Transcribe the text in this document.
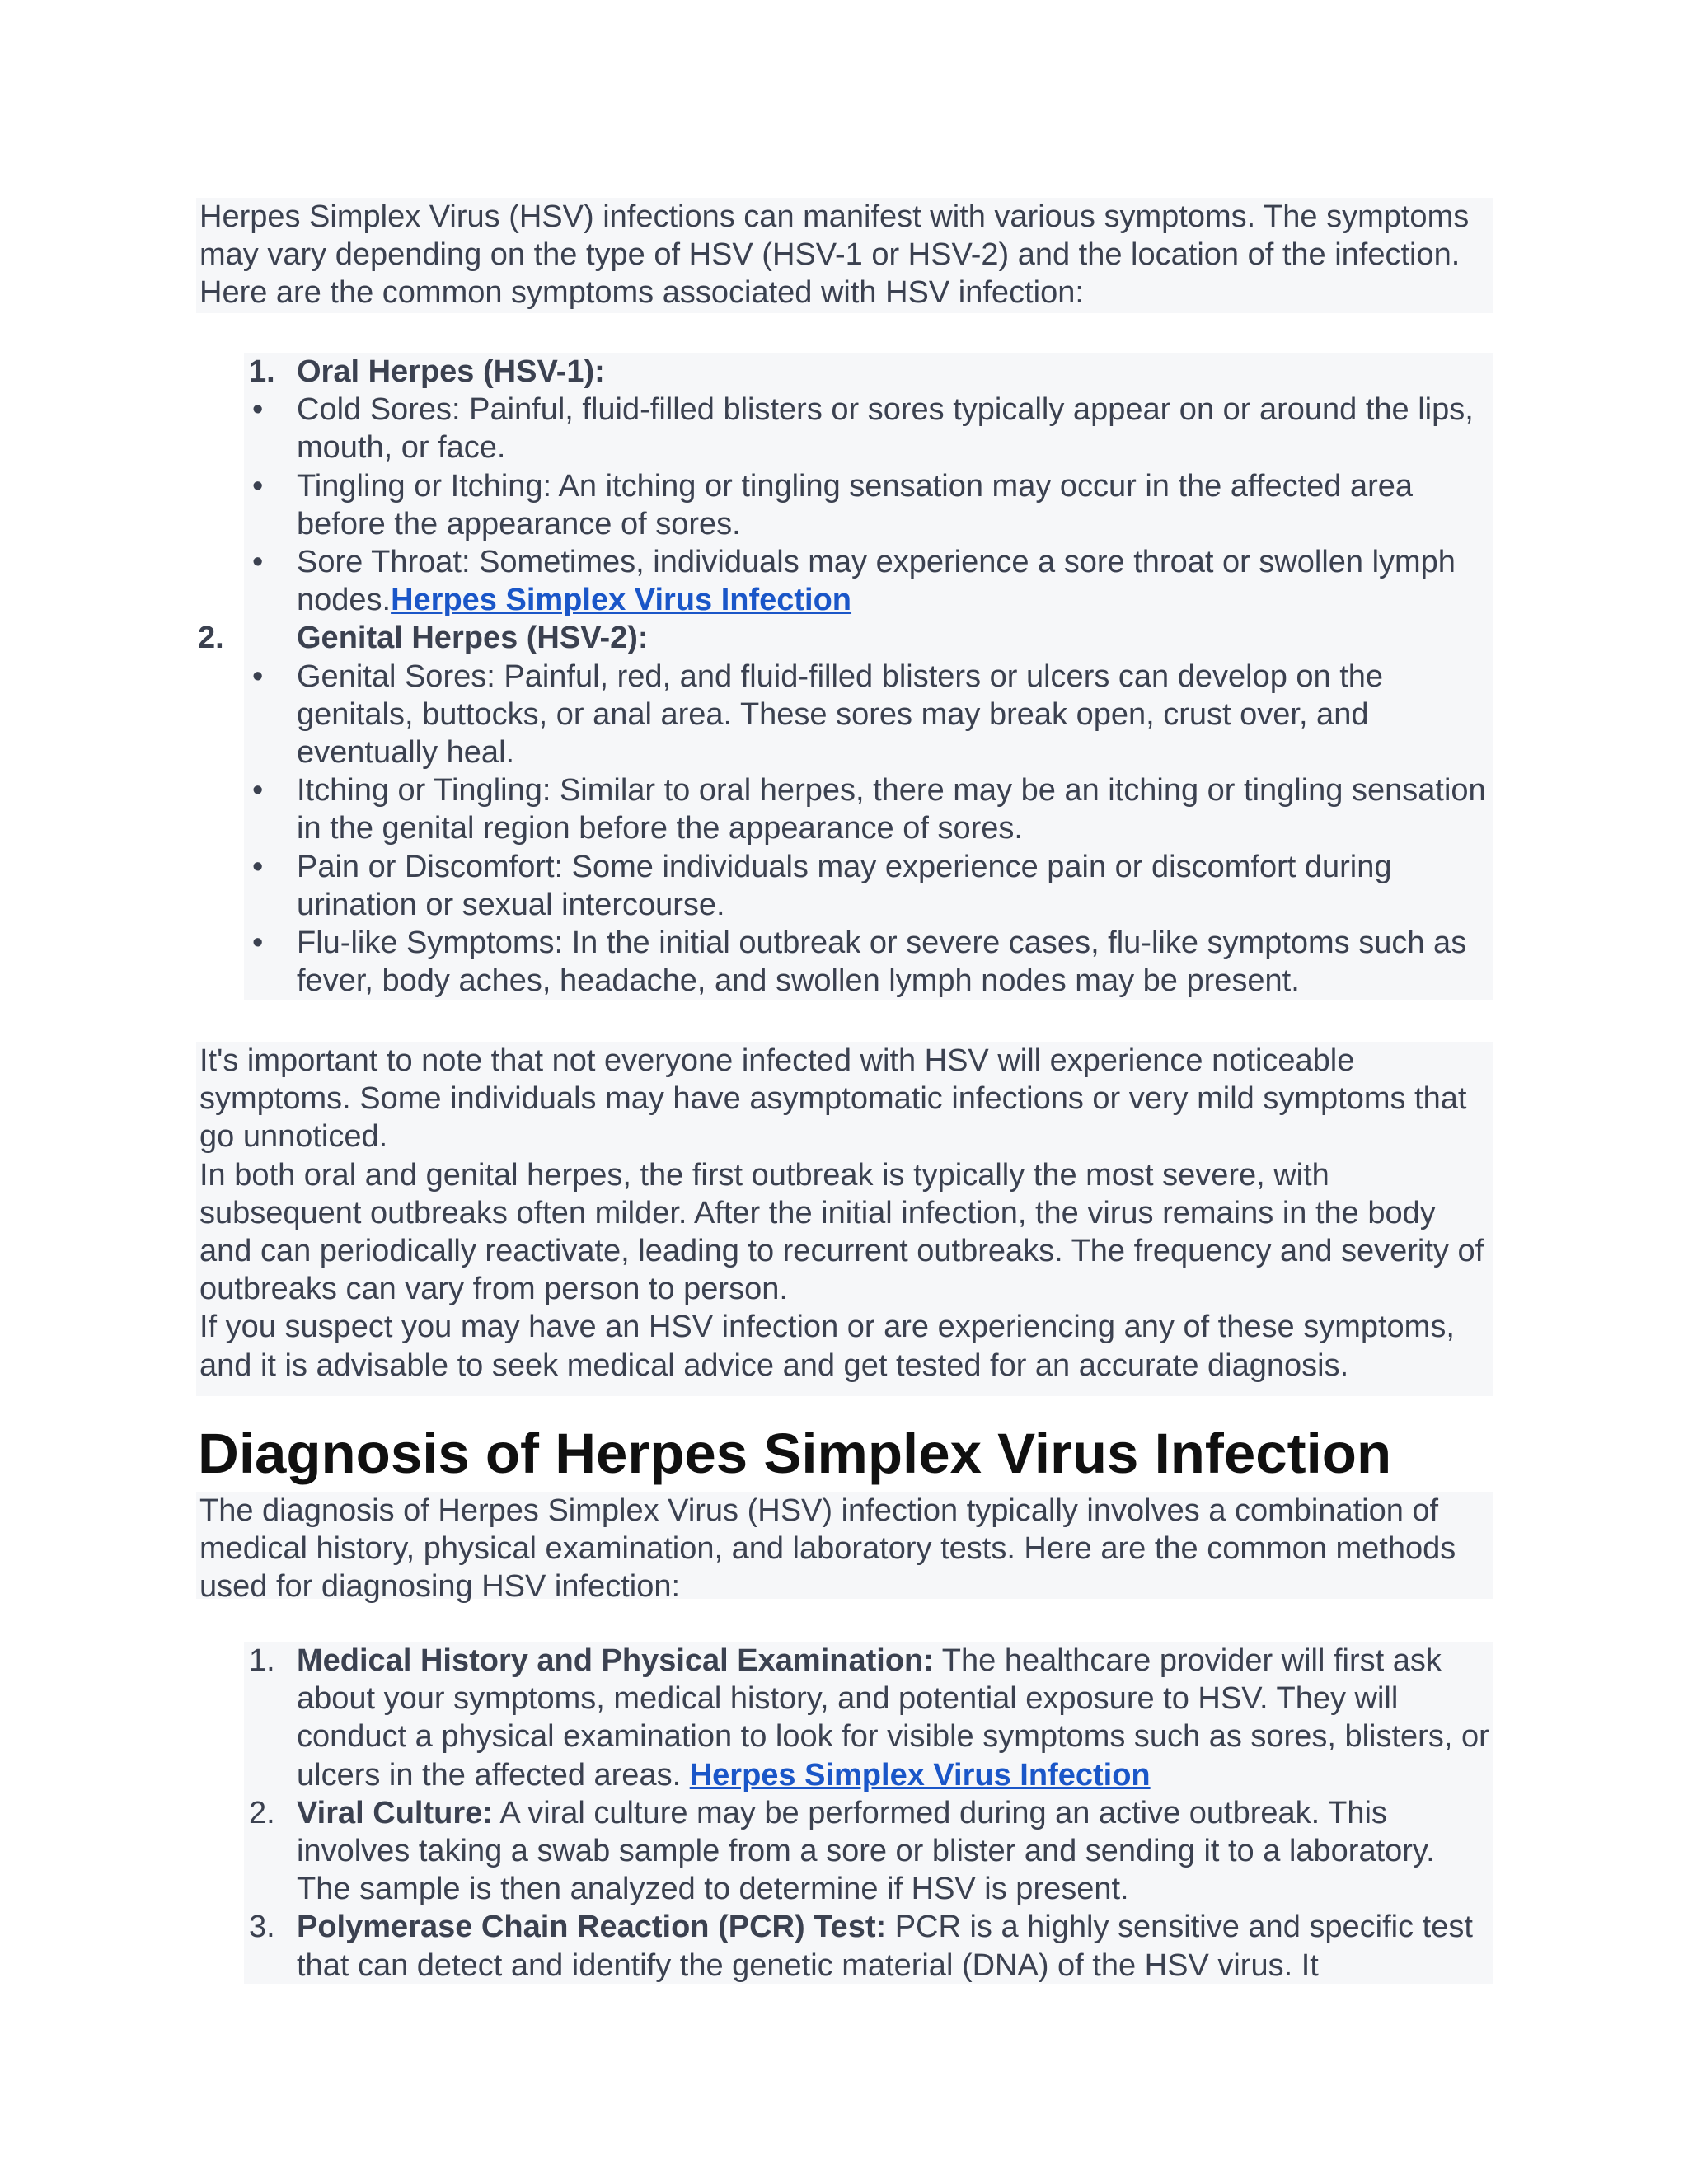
Herpes Simplex Virus (HSV) infections can manifest with various symptoms. The symptoms may vary depending on the type of HSV (HSV-1 or HSV-2) and the location of the infection. Here are the common symptoms associated with HSV infection:

1. Oral Herpes (HSV-1):
• Cold Sores: Painful, fluid-filled blisters or sores typically appear on or around the lips, mouth, or face.
• Tingling or Itching: An itching or tingling sensation may occur in the affected area before the appearance of sores.
• Sore Throat: Sometimes, individuals may experience a sore throat or swollen lymph nodes.Herpes Simplex Virus Infection
2. Genital Herpes (HSV-2):
• Genital Sores: Painful, red, and fluid-filled blisters or ulcers can develop on the genitals, buttocks, or anal area. These sores may break open, crust over, and eventually heal.
• Itching or Tingling: Similar to oral herpes, there may be an itching or tingling sensation in the genital region before the appearance of sores.
• Pain or Discomfort: Some individuals may experience pain or discomfort during urination or sexual intercourse.
• Flu-like Symptoms: In the initial outbreak or severe cases, flu-like symptoms such as fever, body aches, headache, and swollen lymph nodes may be present.

It's important to note that not everyone infected with HSV will experience noticeable symptoms. Some individuals may have asymptomatic infections or very mild symptoms that go unnoticed.

In both oral and genital herpes, the first outbreak is typically the most severe, with subsequent outbreaks often milder. After the initial infection, the virus remains in the body and can periodically reactivate, leading to recurrent outbreaks. The frequency and severity of outbreaks can vary from person to person.

If you suspect you may have an HSV infection or are experiencing any of these symptoms, and it is advisable to seek medical advice and get tested for an accurate diagnosis.

Diagnosis of Herpes Simplex Virus Infection

The diagnosis of Herpes Simplex Virus (HSV) infection typically involves a combination of medical history, physical examination, and laboratory tests. Here are the common methods used for diagnosing HSV infection:

1. Medical History and Physical Examination: The healthcare provider will first ask about your symptoms, medical history, and potential exposure to HSV. They will conduct a physical examination to look for visible symptoms such as sores, blisters, or ulcers in the affected areas. Herpes Simplex Virus Infection
2. Viral Culture: A viral culture may be performed during an active outbreak. This involves taking a swab sample from a sore or blister and sending it to a laboratory. The sample is then analyzed to determine if HSV is present.
3. Polymerase Chain Reaction (PCR) Test: PCR is a highly sensitive and specific test that can detect and identify the genetic material (DNA) of the HSV virus. It
